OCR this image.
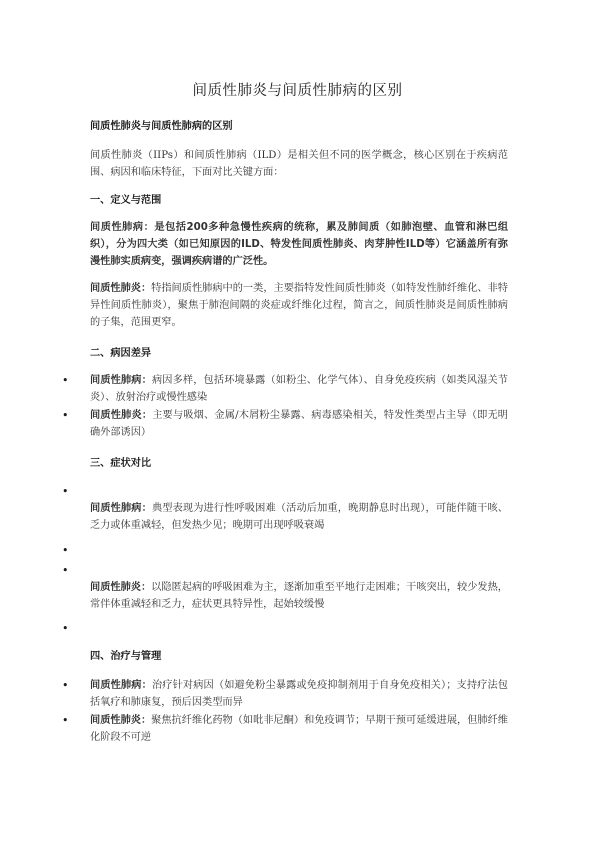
间质性肺炎与间质性肺病的区别
间质性肺炎与间质性肺病的区别
间质性肺炎（IIPs）和间质性肺病（ILD）是相关但不同的医学概念，核心区别在于疾病范围、病因和临床特征，下面对比关键方面：
一、定义与范围
间质性肺病：是包括200多种急慢性疾病的统称，累及肺间质（如肺泡壁、血管和淋巴组织），分为四大类（如已知原因的ILD、特发性间质性肺炎、肉芽肿性ILD等）它涵盖所有弥漫性肺实质病变，强调疾病谱的广泛性。
间质性肺炎：特指间质性肺病中的一类，主要指特发性间质性肺炎（如特发性肺纤维化、非特异性间质性肺炎），聚焦于肺泡间隔的炎症或纤维化过程，简言之，间质性肺炎是间质性肺病的子集，范围更窄。
二、病因差异
• 间质性肺病：病因多样，包括环境暴露（如粉尘、化学气体）、自身免疫疾病（如类风湿关节炎）、放射治疗或慢性感染
• 间质性肺炎：主要与吸烟、金属/木屑粉尘暴露、病毒感染相关，特发性类型占主导（即无明确外部诱因）
三、症状对比
•
间质性肺病：典型表现为进行性呼吸困难（活动后加重，晚期静息时出现），可能伴随干咳、乏力或体重减轻，但发热少见；晚期可出现呼吸衰竭
•
•
间质性肺炎：以隐匿起病的呼吸困难为主，逐渐加重至平地行走困难；干咳突出，较少发热，常伴体重减轻和乏力，症状更具特异性，起始较缓慢
•
四、治疗与管理
• 间质性肺病：治疗针对病因（如避免粉尘暴露或免疫抑制剂用于自身免疫相关）；支持疗法包括氧疗和肺康复，预后因类型而异
• 间质性肺炎：聚焦抗纤维化药物（如吡非尼酮）和免疫调节；早期干预可延缓进展，但肺纤维化阶段不可逆
